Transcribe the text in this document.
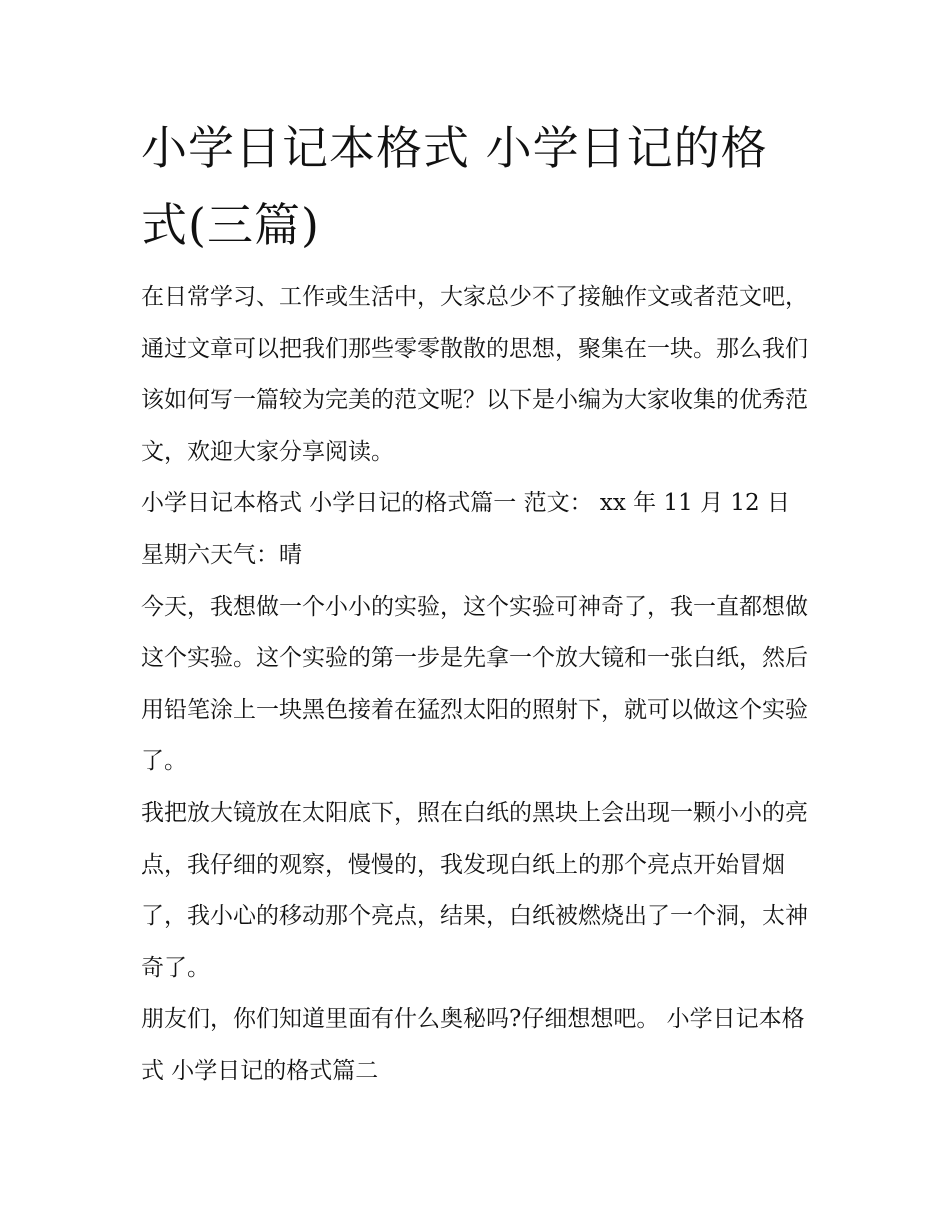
小学日记本格式 小学日记的格式(三篇)

在日常学习、工作或生活中，大家总少不了接触作文或者范文吧，通过文章可以把我们那些零零散散的思想，聚集在一块。那么我们该如何写一篇较为完美的范文呢？以下是小编为大家收集的优秀范文，欢迎大家分享阅读。

小学日记本格式 小学日记的格式篇一 范文： xx 年 11 月 12 日 星期六天气：晴

今天，我想做一个小小的实验，这个实验可神奇了，我一直都想做这个实验。这个实验的第一步是先拿一个放大镜和一张白纸，然后用铅笔涂上一块黑色接着在猛烈太阳的照射下，就可以做这个实验了。

我把放大镜放在太阳底下，照在白纸的黑块上会出现一颗小小的亮点，我仔细的观察，慢慢的，我发现白纸上的那个亮点开始冒烟了，我小心的移动那个亮点，结果，白纸被燃烧出了一个洞，太神奇了。

朋友们，你们知道里面有什么奥秘吗?仔细想想吧。 小学日记本格式 小学日记的格式篇二
